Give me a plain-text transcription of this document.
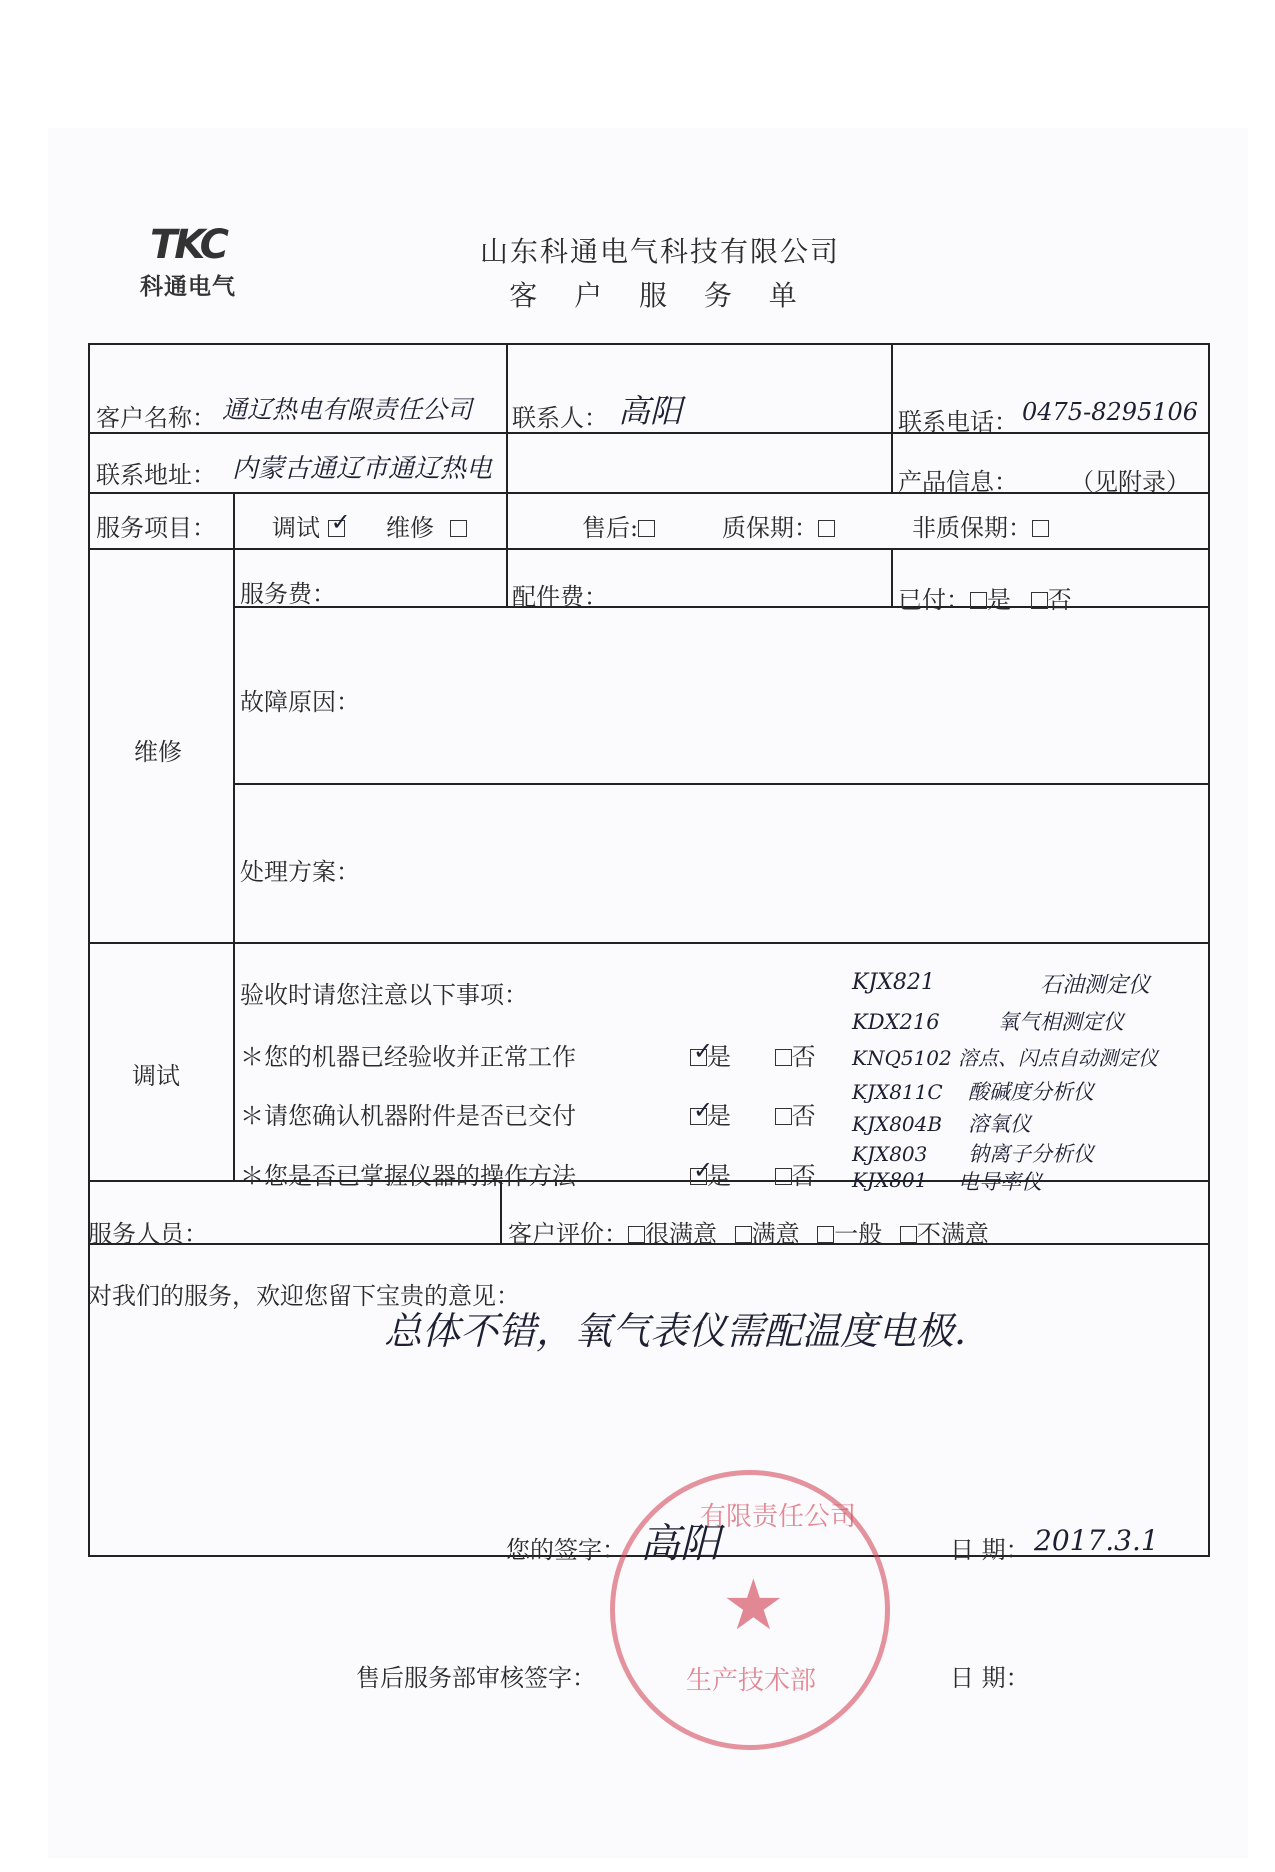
TKC
科通电气
山东科通电气科技有限公司
客 户 服 务 单
客户名称： 通辽热电有限责任公司 联系人： 高阳	联系电话： 0475-8295106
联系地址： 内蒙古通辽市通辽热电	产品信息： （见附录）
服务项目： 调试 ✓	维修	售后:	质保期：	非质保期：
维修
服务费：	配件费：	已付： 是 否
故障原因：
处理方案：
调试
验收时请您注意以下事项：
＊您的机器已经验收并正常工作 ✓	是	否
＊请您确认机器附件是否已交付 ✓	是	否
＊您是否已掌握仪器的操作方法 ✓	是	否
KJX821	石油测定仪
KDX216	氧气相测定仪
KNQ5102 溶点、闪点自动测定仪
KJX811C 酸碱度分析仪
KJX804B 溶氧仪
KJX803 钠离子分析仪
KJX801 电导率仪
服务人员：	客户评价： 很满意 满意 一般 不满意
对我们的服务，欢迎您留下宝贵的意见：
总体不错，氧气表仪需配温度电极.
有限责任公司
★
生产技术部
您的签字： 高阳	日 期： 2017.3.1
售后服务部审核签字：	日 期：
